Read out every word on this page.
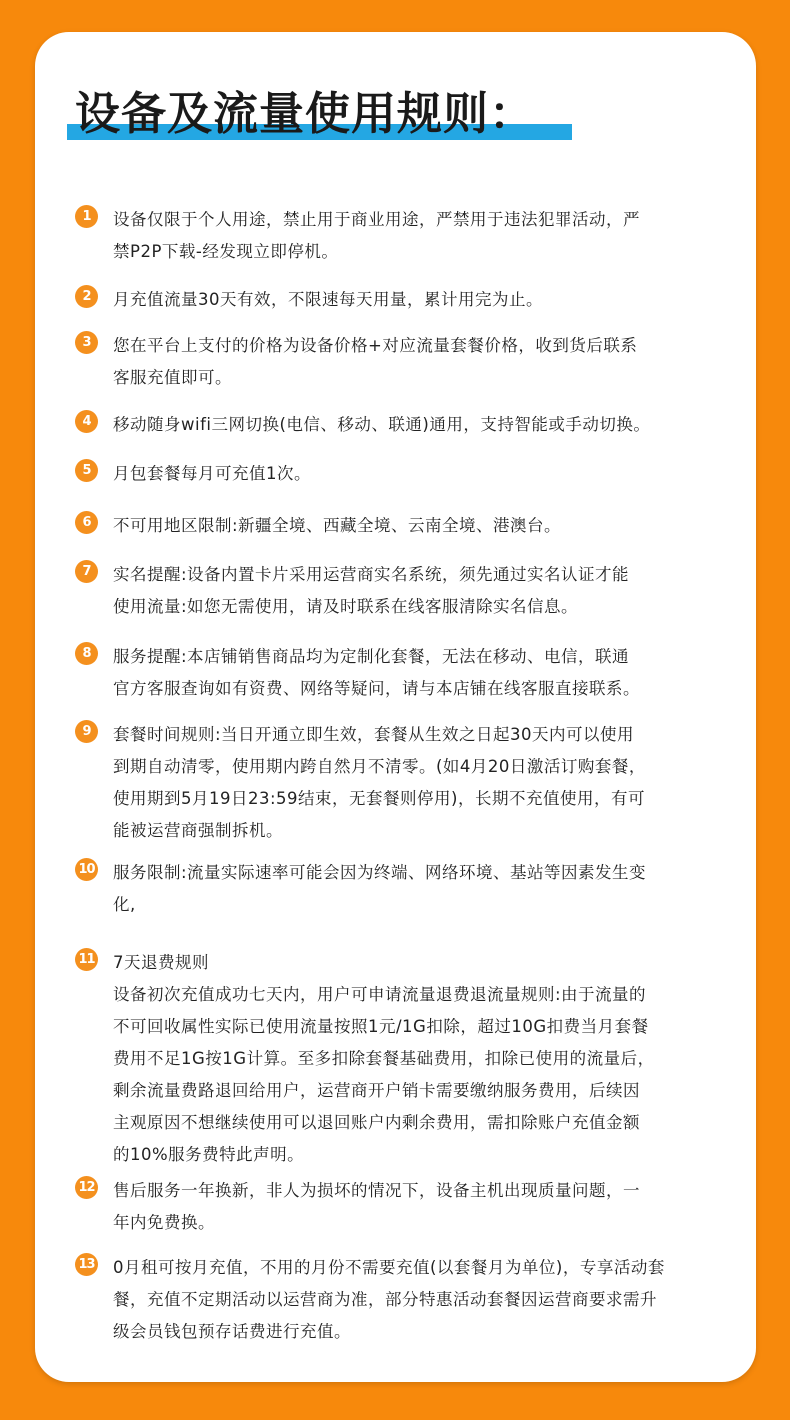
设备及流量使用规则：
1	设备仅限于个人用途，禁止用于商业用途，严禁用于违法犯罪活动，严
禁P2P下载-经发现立即停机。

2	月充值流量30天有效，不限速每天用量，累计用完为止。

3	您在平台上支付的价格为设备价格+对应流量套餐价格，收到货后联系
客服充值即可。

4	移动随身wifi三网切换(电信、移动、联通)通用，支持智能或手动切换。

5	月包套餐每月可充值1次。

6	不可用地区限制:新疆全境、西藏全境、云南全境、港澳台。

7	实名提醒:设备内置卡片采用运营商实名系统，须先通过实名认证才能
使用流量:如您无需使用，请及时联系在线客服清除实名信息。

8	服务提醒:本店铺销售商品均为定制化套餐，无法在移动、电信，联通
官方客服查询如有资费、网络等疑问，请与本店铺在线客服直接联系。

9	套餐时间规则:当日开通立即生效，套餐从生效之日起30天内可以使用
到期自动清零，使用期内跨自然月不清零。(如4月20日激活订购套餐，
使用期到5月19日23:59结束，无套餐则停用)，长期不充值使用，有可
能被运营商强制拆机。

10 服务限制:流量实际速率可能会因为终端、网络环境、基站等因素发生变
化,

11 7天退费规则
设备初次充值成功七天内，用户可申请流量退费退流量规则:由于流量的
不可回收属性实际已使用流量按照1元/1G扣除，超过10G扣费当月套餐
费用不足1G按1G计算。至多扣除套餐基础费用，扣除已使用的流量后，
剩余流量费路退回给用户，运营商开户销卡需要缴纳服务费用，后续因
主观原因不想继续使用可以退回账户内剩余费用，需扣除账户充值金额
的10%服务费特此声明。

12 售后服务一年换新，非人为损坏的情况下，设备主机出现质量问题，一
年内免费换。

13 0月租可按月充值，不用的月份不需要充值(以套餐月为单位)，专享活动套
餐，充值不定期活动以运营商为准，部分特惠活动套餐因运营商要求需升
级会员钱包预存话费进行充值。
